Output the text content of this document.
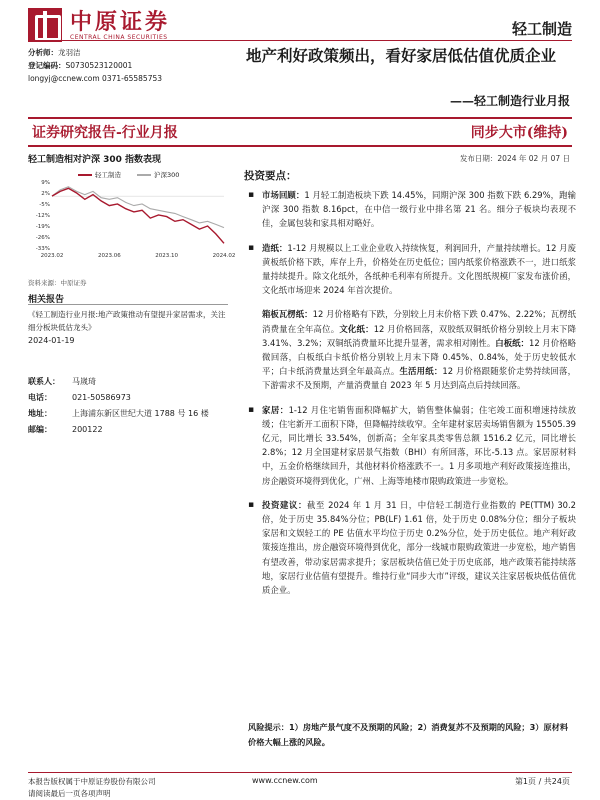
中原证券
CENTRAL CHINA SECURITIES	轻工制造
分析师：龙羽洁
登记编码：S0730523120001
longyj@ccnew.com 0371-65585753
地产利好政策频出，看好家居低估值优质企业
——轻工制造行业月报
证券研究报告-行业月报	同步大市(维持)
轻工制造相对沪深 300 指数表现	发布日期：2024 年 02 月 07 日
9%
2%
-5%
-12%
-19%
-26%
-33%
2023.02	2023.06	2023.10	2024.02
轻工制造	沪深300
资料来源：中原证券
相关报告
《轻工制造行业月报:地产政策推动有望提升家居需求，关注细分板块低估龙头》
2024-01-19
联系人：	马嵗琦
电话：	021-50586973
地址：	上海浦东新区世纪大道 1788 号 16 楼
邮编：	200122
投资要点：
▪ 市场回顾：1 月轻工制造板块下跌 14.45%，同期沪深 300 指数下跌 6.29%，跑输沪深 300 指数 8.16pct，在中信一级行业中排名第 21 名。细分子板块均表现不佳，金属包装和家具相对略好。
▪ 造纸：1-12 月规模以上工业企业收入持续恢复，利润回升，产量持续增长。12 月废黄板纸价格下跌，库存上升，价格处在历史低位；国内纸浆价格涨跌不一，进口纸浆量持续提升。除文化纸外，各纸种毛利率有所提升。文化图纸规模厂家发布涨价函，文化纸市场迎来 2024 年首次提价。
箱板瓦楞纸：12 月价格略有下跌，分别较上月末价格下跌 0.47%、2.22%；瓦楞纸消费量在全年高位。文化纸：12 月价格回落，双胶纸双铜纸价格分别较上月末下降 3.41%、3.2%；双铜纸消费量环比提升显著，需求相对刚性。白板纸：12 月价格略微回落，白板纸白卡纸价格分别较上月末下降 0.45%、0.84%，处于历史较低水平；白卡纸消费量达到全年最高点。生活用纸：12 月价格跟随浆价走势持续回落，下游需求不及预期，产量消费量自 2023 年 5 月达到高点后持续回落。
▪ 家居：1-12 月住宅销售面积降幅扩大，销售整体偏弱；住宅竣工面积增速持续放缓；住宅新开工面积下降，但降幅持续收窄。全年建材家居卖场销售额为 15505.39 亿元，同比增长 33.54%，创新高；全年家具类零售总额 1516.2 亿元，同比增长 2.8%；12 月全国建材家居景气指数（BHI）有所回落，环比-5.13 点。家居原材料中，五金价格继续回升，其他材料价格涨跌不一。1 月多项地产利好政策接连推出，房企融资环境得到优化，广州、上海等地楼市限购政策进一步宽松。
▪ 投资建议：截至 2024 年 1 月 31 日，中信轻工制造行业指数的 PE(TTM) 30.2 倍，处于历史 35.84%分位；PB(LF) 1.61 倍，处于历史 0.08%分位；细分子板块家居和文娱轻工的 PE 估值水平均位于历史 0.2%分位，处于历史低位。地产利好政策接连推出，房企融资环境得到优化，部分一线城市限购政策进一步宽松，地产销售有望改善，带动家居需求提升；家居板块估值已处于历史底部，地产政策若能持续落地，家居行业估值有望提升。维持行业“同步大市”评级，建议关注家居板块低估值优质企业。
风险提示：1）房地产景气度不及预期的风险；2）消费复苏不及预期的风险；3）原材料价格大幅上涨的风险。
本报告版权属于中原证券股份有限公司
请阅读最后一页各项声明
www.ccnew.com	第1页 / 共24页
